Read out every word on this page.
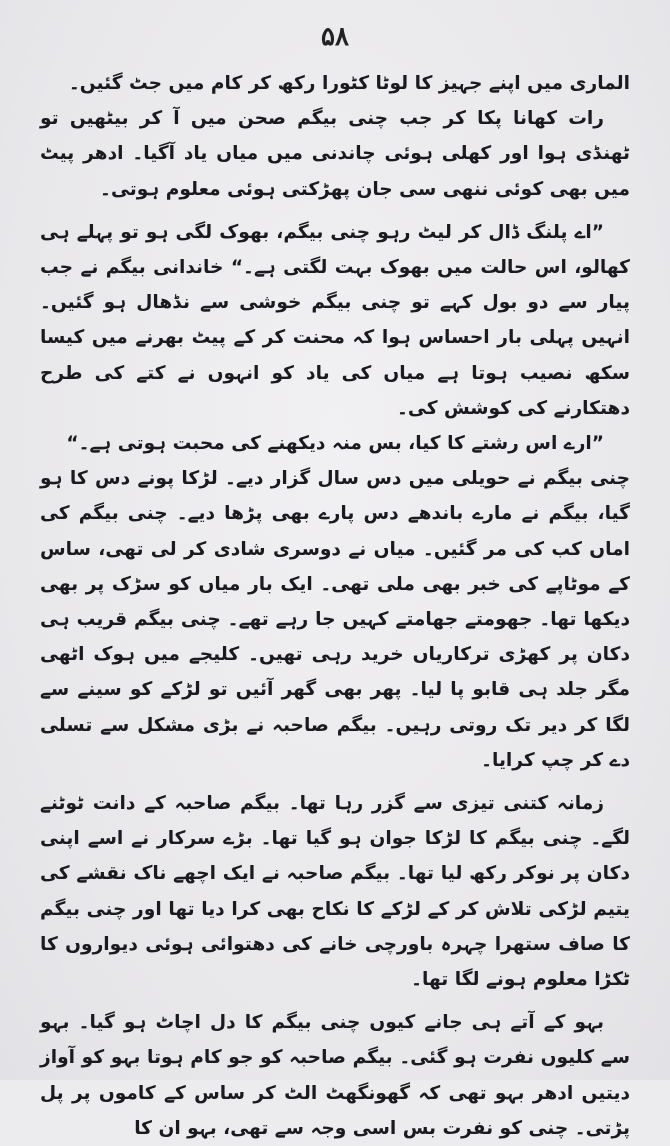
۵۸

الماری میں اپنے جہیز کا لوٹا کٹورا رکھ کر کام میں جٹ گئیں۔

رات کھانا پکا کر جب چنی بیگم صحن میں آ کر بیٹھیں تو ٹھنڈی ہوا اور کھلی ہوئی چاندنی میں میاں یاد آگیا۔ ادھر پیٹ میں بھی کوئی ننھی سی جان پھڑکتی ہوئی معلوم ہوتی۔

”اے پلنگ ڈال کر لیٹ رہو چنی بیگم، بھوک لگی ہو تو پہلے ہی کھالو، اس حالت میں بھوک بہت لگتی ہے۔“ خاندانی بیگم نے جب پیار سے دو بول کہے تو چنی بیگم خوشی سے نڈھال ہو گئیں۔ انہیں پہلی بار احساس ہوا کہ محنت کر کے پیٹ بھرنے میں کیسا سکھ نصیب ہوتا ہے میاں کی یاد کو انہوں نے کتے کی طرح دھتکارنے کی کوشش کی۔

”ارے اس رشتے کا کیا، بس منہ دیکھنے کی محبت ہوتی ہے۔“

چنی بیگم نے حویلی میں دس سال گزار دیے۔ لڑکا پونے دس کا ہو گیا، بیگم نے مارے باندھے دس پارے بھی پڑھا دیے۔ چنی بیگم کی اماں کب کی مر گئیں۔ میاں نے دوسری شادی کر لی تھی، ساس کے موٹاپے کی خبر بھی ملی تھی۔ ایک بار میاں کو سڑک پر بھی دیکھا تھا۔ جھومتے جھامتے کہیں جا رہے تھے۔ چنی بیگم قریب ہی دکان پر کھڑی ترکاریاں خرید رہی تھیں۔ کلیجے میں ہوک اٹھی مگر جلد ہی قابو پا لیا۔ پھر بھی گھر آئیں تو لڑکے کو سینے سے لگا کر دیر تک روتی رہیں۔ بیگم صاحبہ نے بڑی مشکل سے تسلی دے کر چپ کرایا۔

زمانہ کتنی تیزی سے گزر رہا تھا۔ بیگم صاحبہ کے دانت ٹوٹنے لگے۔ چنی بیگم کا لڑکا جوان ہو گیا تھا۔ بڑے سرکار نے اسے اپنی دکان پر نوکر رکھ لیا تھا۔ بیگم صاحبہ نے ایک اچھے ناک نقشے کی یتیم لڑکی تلاش کر کے لڑکے کا نکاح بھی کرا دیا تھا اور چنی بیگم کا صاف ستھرا چہرہ باورچی خانے کی دھتوائی ہوئی دیواروں کا ٹکڑا معلوم ہونے لگا تھا۔

بہو کے آتے ہی جانے کیوں چنی بیگم کا دل اچاٹ ہو گیا۔ بہو سے کلیوں نفرت ہو گئی۔ بیگم صاحبہ کو جو کام ہوتا بہو کو آواز دیتیں ادھر بہو تھی کہ گھونگھٹ الٹ کر ساس کے کاموں پر پل پڑتی۔ چنی کو نفرت بس اسی وجہ سے تھی، بہو ان کا
